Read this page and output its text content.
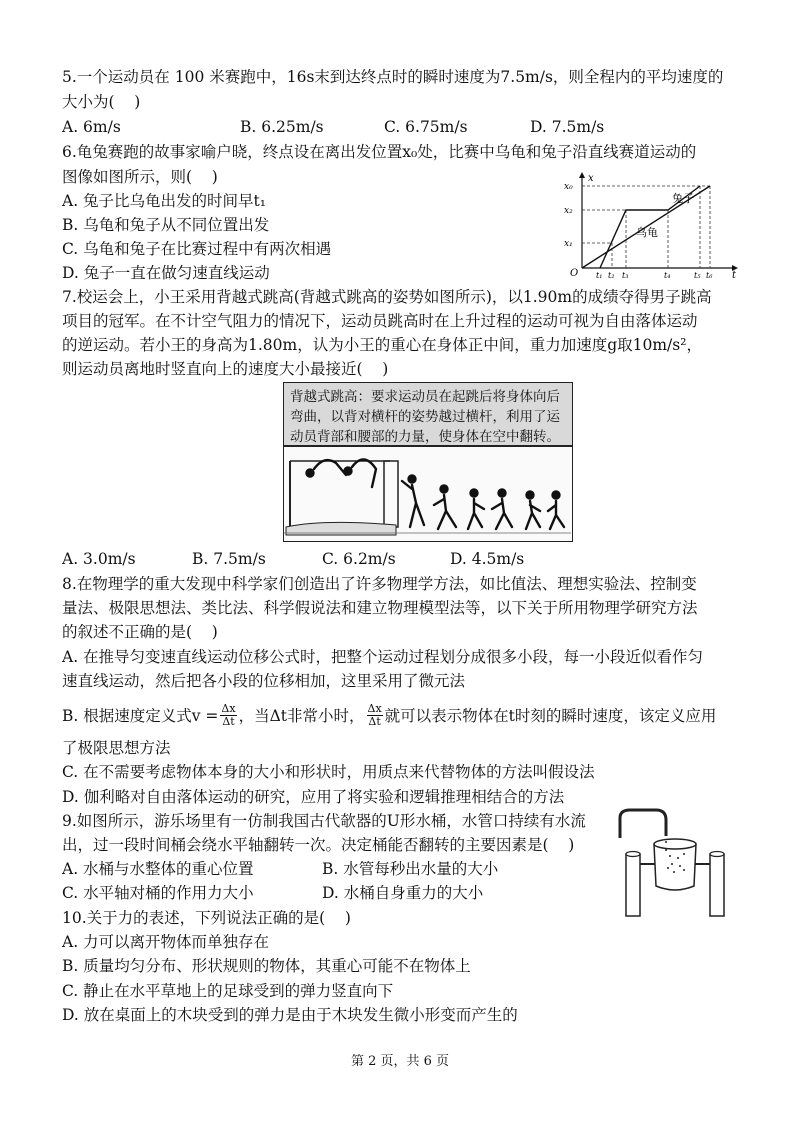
5.一个运动员在 100 米赛跑中，16s末到达终点时的瞬时速度为7.5m/s，则全程内的平均速度的
大小为(    )
A. 6m/s	B. 6.25m/s	C. 6.75m/s	D. 7.5m/s
6.龟兔赛跑的故事家喻户晓，终点设在离出发位置x₀处，比赛中乌龟和兔子沿直线赛道运动的
图像如图所示，则(    )
A. 兔子比乌龟出发的时间早t₁
B. 乌龟和兔子从不同位置出发
C. 乌龟和兔子在比赛过程中有两次相遇
D. 兔子一直在做匀速直线运动
x
t
O
x₀
x₂
x₁
兔子
乌龟
t₁ t₂ t₃	t₄	t₅ t₆
7.校运会上，小王采用背越式跳高(背越式跳高的姿势如图所示)，以1.90m的成绩夺得男子跳高
项目的冠军。在不计空气阻力的情况下，运动员跳高时在上升过程的运动可视为自由落体运动
的逆运动。若小王的身高为1.80m，认为小王的重心在身体正中间，重力加速度g取10m/s²，
则运动员离地时竖直向上的速度大小最接近(    )
背越式跳高：要求运动员在起跳后将身体向后弯曲，以背对横杆的姿势越过横杆，利用了运动员背部和腰部的力量，使身体在空中翻转。
A. 3.0m/s	B. 7.5m/s	C. 6.2m/s	D. 4.5m/s
8.在物理学的重大发现中科学家们创造出了许多物理学方法，如比值法、理想实验法、控制变
量法、极限思想法、类比法、科学假说法和建立物理模型法等，以下关于所用物理学研究方法
的叙述不正确的是(    )
A. 在推导匀变速直线运动位移公式时，把整个运动过程划分成很多小段，每一小段近似看作匀
速直线运动，然后把各小段的位移相加，这里采用了微元法
B. 根据速度定义式$v = \frac{\Delta x}{\Delta t}$ ，当Δt非常小时， $\frac{\Delta x}{\Delta t}$ 就可以表示物体在t时刻的瞬时速度，该定义应用
了极限思想方法
C. 在不需要考虑物体本身的大小和形状时，用质点来代替物体的方法叫假设法
D. 伽利略对自由落体运动的研究，应用了将实验和逻辑推理相结合的方法
9.如图所示，游乐场里有一仿制我国古代欹器的U形水桶，水管口持续有水流
出，过一段时间桶会绕水平轴翻转一次。决定桶能否翻转的主要因素是(    )
A. 水桶与水整体的重心位置	B. 水管每秒出水量的大小
C. 水平轴对桶的作用力大小	D. 水桶自身重力的大小
10.关于力的表述，下列说法正确的是(    )
A. 力可以离开物体而单独存在
B. 质量均匀分布、形状规则的物体，其重心可能不在物体上
C. 静止在水平草地上的足球受到的弹力竖直向下
D. 放在桌面上的木块受到的弹力是由于木块发生微小形变而产生的
第 2 页，共 6 页
